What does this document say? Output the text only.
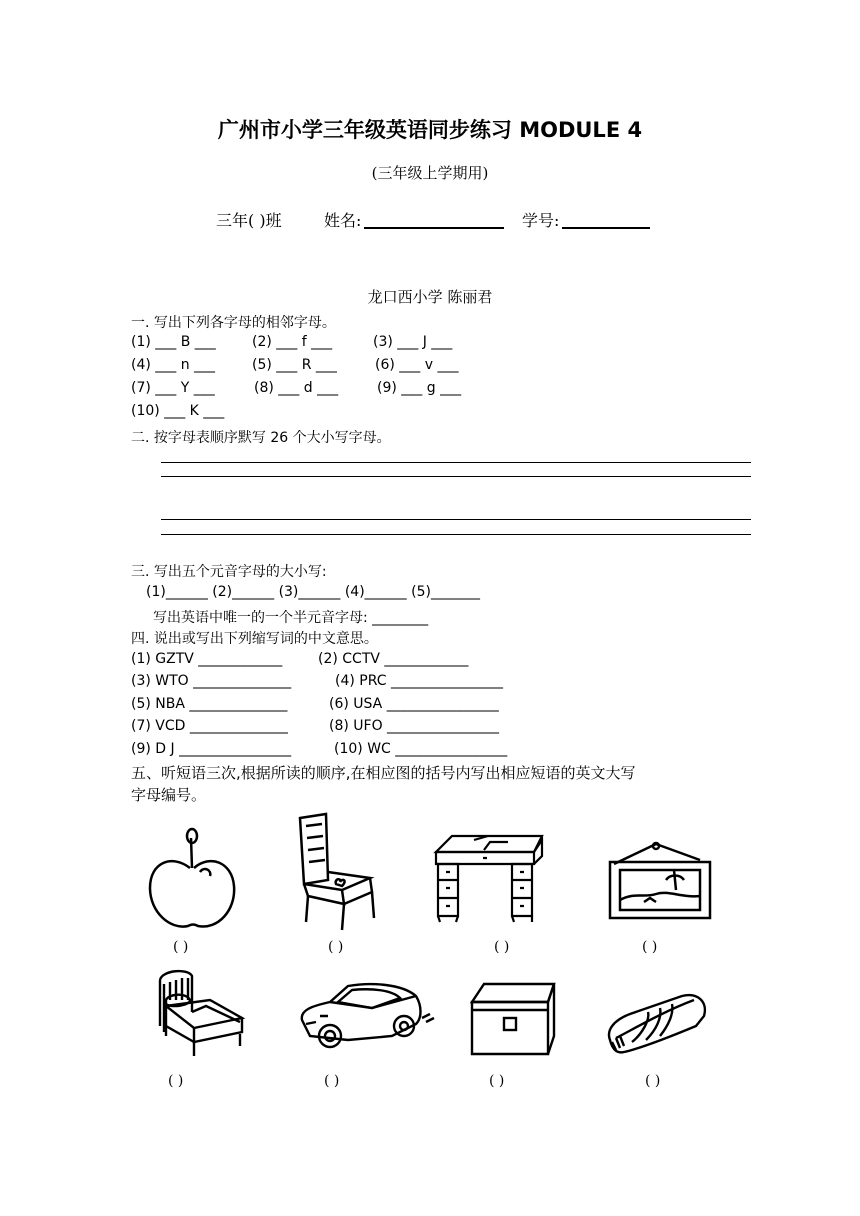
广州市小学三年级英语同步练习 MODULE 4
(三年级上学期用)
三年( )班	姓名:	学号:
龙口西小学 陈丽君
一. 写出下列各字母的相邻字母。
(1) ___ B ___	(2) ___ f ___	(3) ___ J ___
(4) ___ n ___	(5) ___ R ___	(6) ___ v ___
(7) ___ Y ___	(8) ___ d ___	(9) ___ g ___
(10) ___ K ___
二. 按字母表顺序默写 26 个大小写字母。
三. 写出五个元音字母的大小写:
(1)______ (2)______ (3)______ (4)______ (5)_______
写出英语中唯一的一个半元音字母: ________
四. 说出或写出下列缩写词的中文意思。
(1) GZTV ____________	(2) CCTV ____________
(3) WTO ______________	(4) PRC ________________
(5) NBA ______________	(6) USA ________________
(7) VCD ______________	(8) UFO ________________
(9) D J ________________	(10) WC ________________
五、听短语三次,根据所读的顺序,在相应图的括号内写出相应短语的英文大写
字母编号。
( )	( )	( )	( )
( )	( )	( )	( )
